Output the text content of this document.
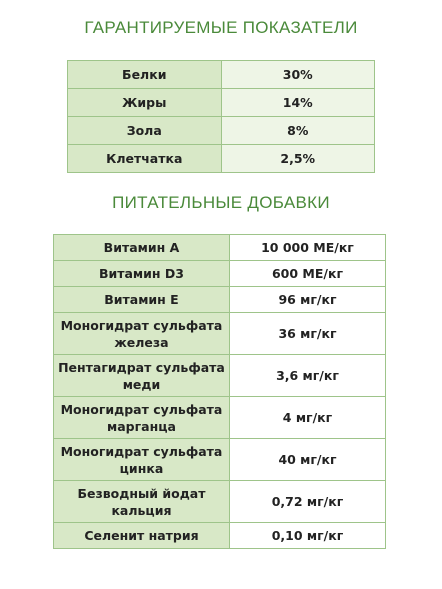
ГАРАНТИРУЕМЫЕ ПОКАЗАТЕЛИ
Белки	30%
Жиры	14%
Зола	8%
Клетчатка	2,5%
ПИТАТЕЛЬНЫЕ ДОБАВКИ
Витамин А	10 000 МЕ/кг
Витамин D3	600 МЕ/кг
Витамин Е	96 мг/кг
Моногидрат сульфата железа	36 мг/кг
Пентагидрат сульфата меди	3,6 мг/кг
Моногидрат сульфата марганца	4 мг/кг
Моногидрат сульфата цинка	40 мг/кг
Безводный йодат кальция	0,72 мг/кг
Селенит натрия	0,10 мг/кг
